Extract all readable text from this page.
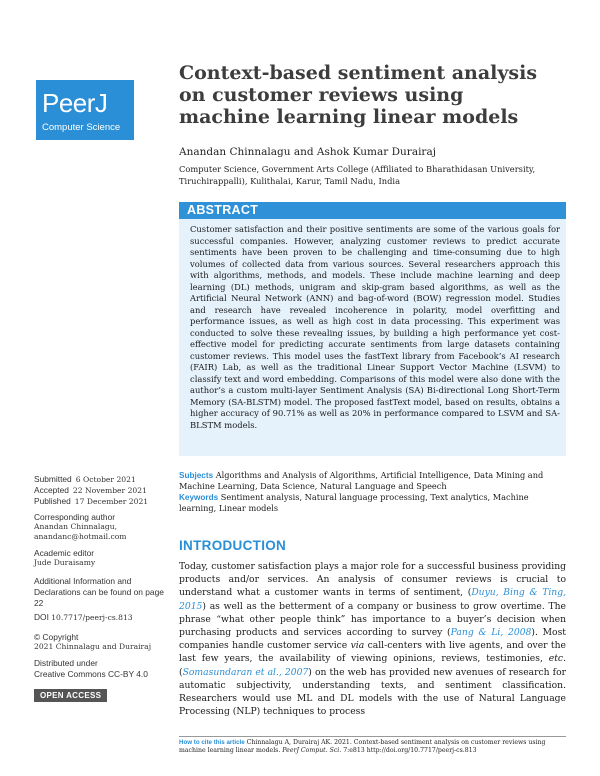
PeerJ
Computer Science
Context-based sentiment analysis on customer reviews using machine learning linear models
Anandan Chinnalagu and Ashok Kumar Durairaj
Computer Science, Government Arts College (Affiliated to Bharathidasan University, Tiruchirappalli), Kulithalai, Karur, Tamil Nadu, India
ABSTRACT
Customer satisfaction and their positive sentiments are some of the various goals for successful companies. However, analyzing customer reviews to predict accurate sentiments have been proven to be challenging and time-consuming due to high volumes of collected data from various sources. Several researchers approach this with algorithms, methods, and models. These include machine learning and deep learning (DL) methods, unigram and skip-gram based algorithms, as well as the Artificial Neural Network (ANN) and bag-of-word (BOW) regression model. Studies and research have revealed incoherence in polarity, model overfitting and performance issues, as well as high cost in data processing. This experiment was conducted to solve these revealing issues, by building a high performance yet cost-effective model for predicting accurate sentiments from large datasets containing customer reviews. This model uses the fastText library from Facebook’s AI research (FAIR) Lab, as well as the traditional Linear Support Vector Machine (LSVM) to classify text and word embedding. Comparisons of this model were also done with the author’s a custom multi-layer Sentiment Analysis (SA) Bi-directional Long Short-Term Memory (SA-BLSTM) model. The proposed fastText model, based on results, obtains a higher accuracy of 90.71% as well as 20% in performance compared to LSVM and SA-BLSTM models.
Submitted 6 October 2021
Accepted 22 November 2021
Published 17 December 2021
Corresponding author
Anandan Chinnalagu,
anandanc@hotmail.com
Academic editor
Jude Duraisamy
Additional Information and Declarations can be found on page 22
DOI 10.7717/peerj-cs.813
© Copyright
2021 Chinnalagu and Durairaj
Distributed under
Creative Commons CC-BY 4.0
OPEN ACCESS
Subjects Algorithms and Analysis of Algorithms, Artificial Intelligence, Data Mining and Machine Learning, Data Science, Natural Language and Speech
Keywords Sentiment analysis, Natural language processing, Text analytics, Machine learning, Linear models
INTRODUCTION
Today, customer satisfaction plays a major role for a successful business providing products and/or services. An analysis of consumer reviews is crucial to understand what a customer wants in terms of sentiment, (Duyu, Bing & Ting, 2015) as well as the betterment of a company or business to grow overtime. The phrase “what other people think” has importance to a buyer’s decision when purchasing products and services according to survey (Pang & Li, 2008). Most companies handle customer service via call-centers with live agents, and over the last few years, the availability of viewing opinions, reviews, testimonies, etc. (Somasundaran et al., 2007) on the web has provided new avenues of research for automatic subjectivity, understanding texts, and sentiment classification. Researchers would use ML and DL models with the use of Natural Language Processing (NLP) techniques to process
How to cite this article Chinnalagu A, Durairaj AK. 2021. Context-based sentiment analysis on customer reviews using machine learning linear models. PeerJ Comput. Sci. 7:e813 http://doi.org/10.7717/peerj-cs.813
